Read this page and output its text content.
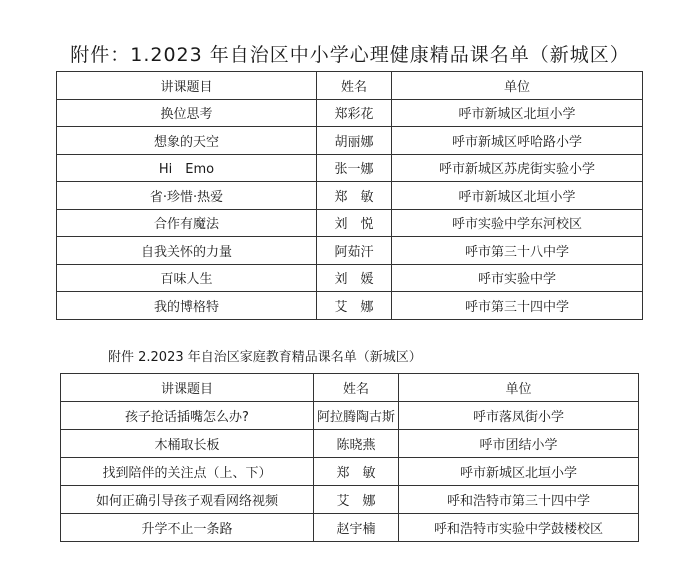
附件：1.2023 年自治区中小学心理健康精品课名单（新城区）
讲课题目	姓名	单位
换位思考	郑彩花	呼市新城区北垣小学
想象的天空	胡丽娜	呼市新城区呼哈路小学
Hi　Emo	张一娜	呼市新城区苏虎街实验小学
省·珍惜·热爱	郑　敏	呼市新城区北垣小学
合作有魔法	刘　悦	呼市实验中学东河校区
自我关怀的力量	阿茹汗	呼市第三十八中学
百味人生	刘　媛	呼市实验中学
我的博格特	艾　娜	呼市第三十四中学
附件 2.2023 年自治区家庭教育精品课名单（新城区）
讲课题目	姓名	单位
孩子抢话插嘴怎么办?	阿拉腾陶古斯	呼市落凤街小学
木桶取长板	陈晓燕	呼市团结小学
找到陪伴的关注点（上、下）	郑　敏	呼市新城区北垣小学
如何正确引导孩子观看网络视频	艾　娜	呼和浩特市第三十四中学
升学不止一条路	赵宇楠	呼和浩特市实验中学鼓楼校区
